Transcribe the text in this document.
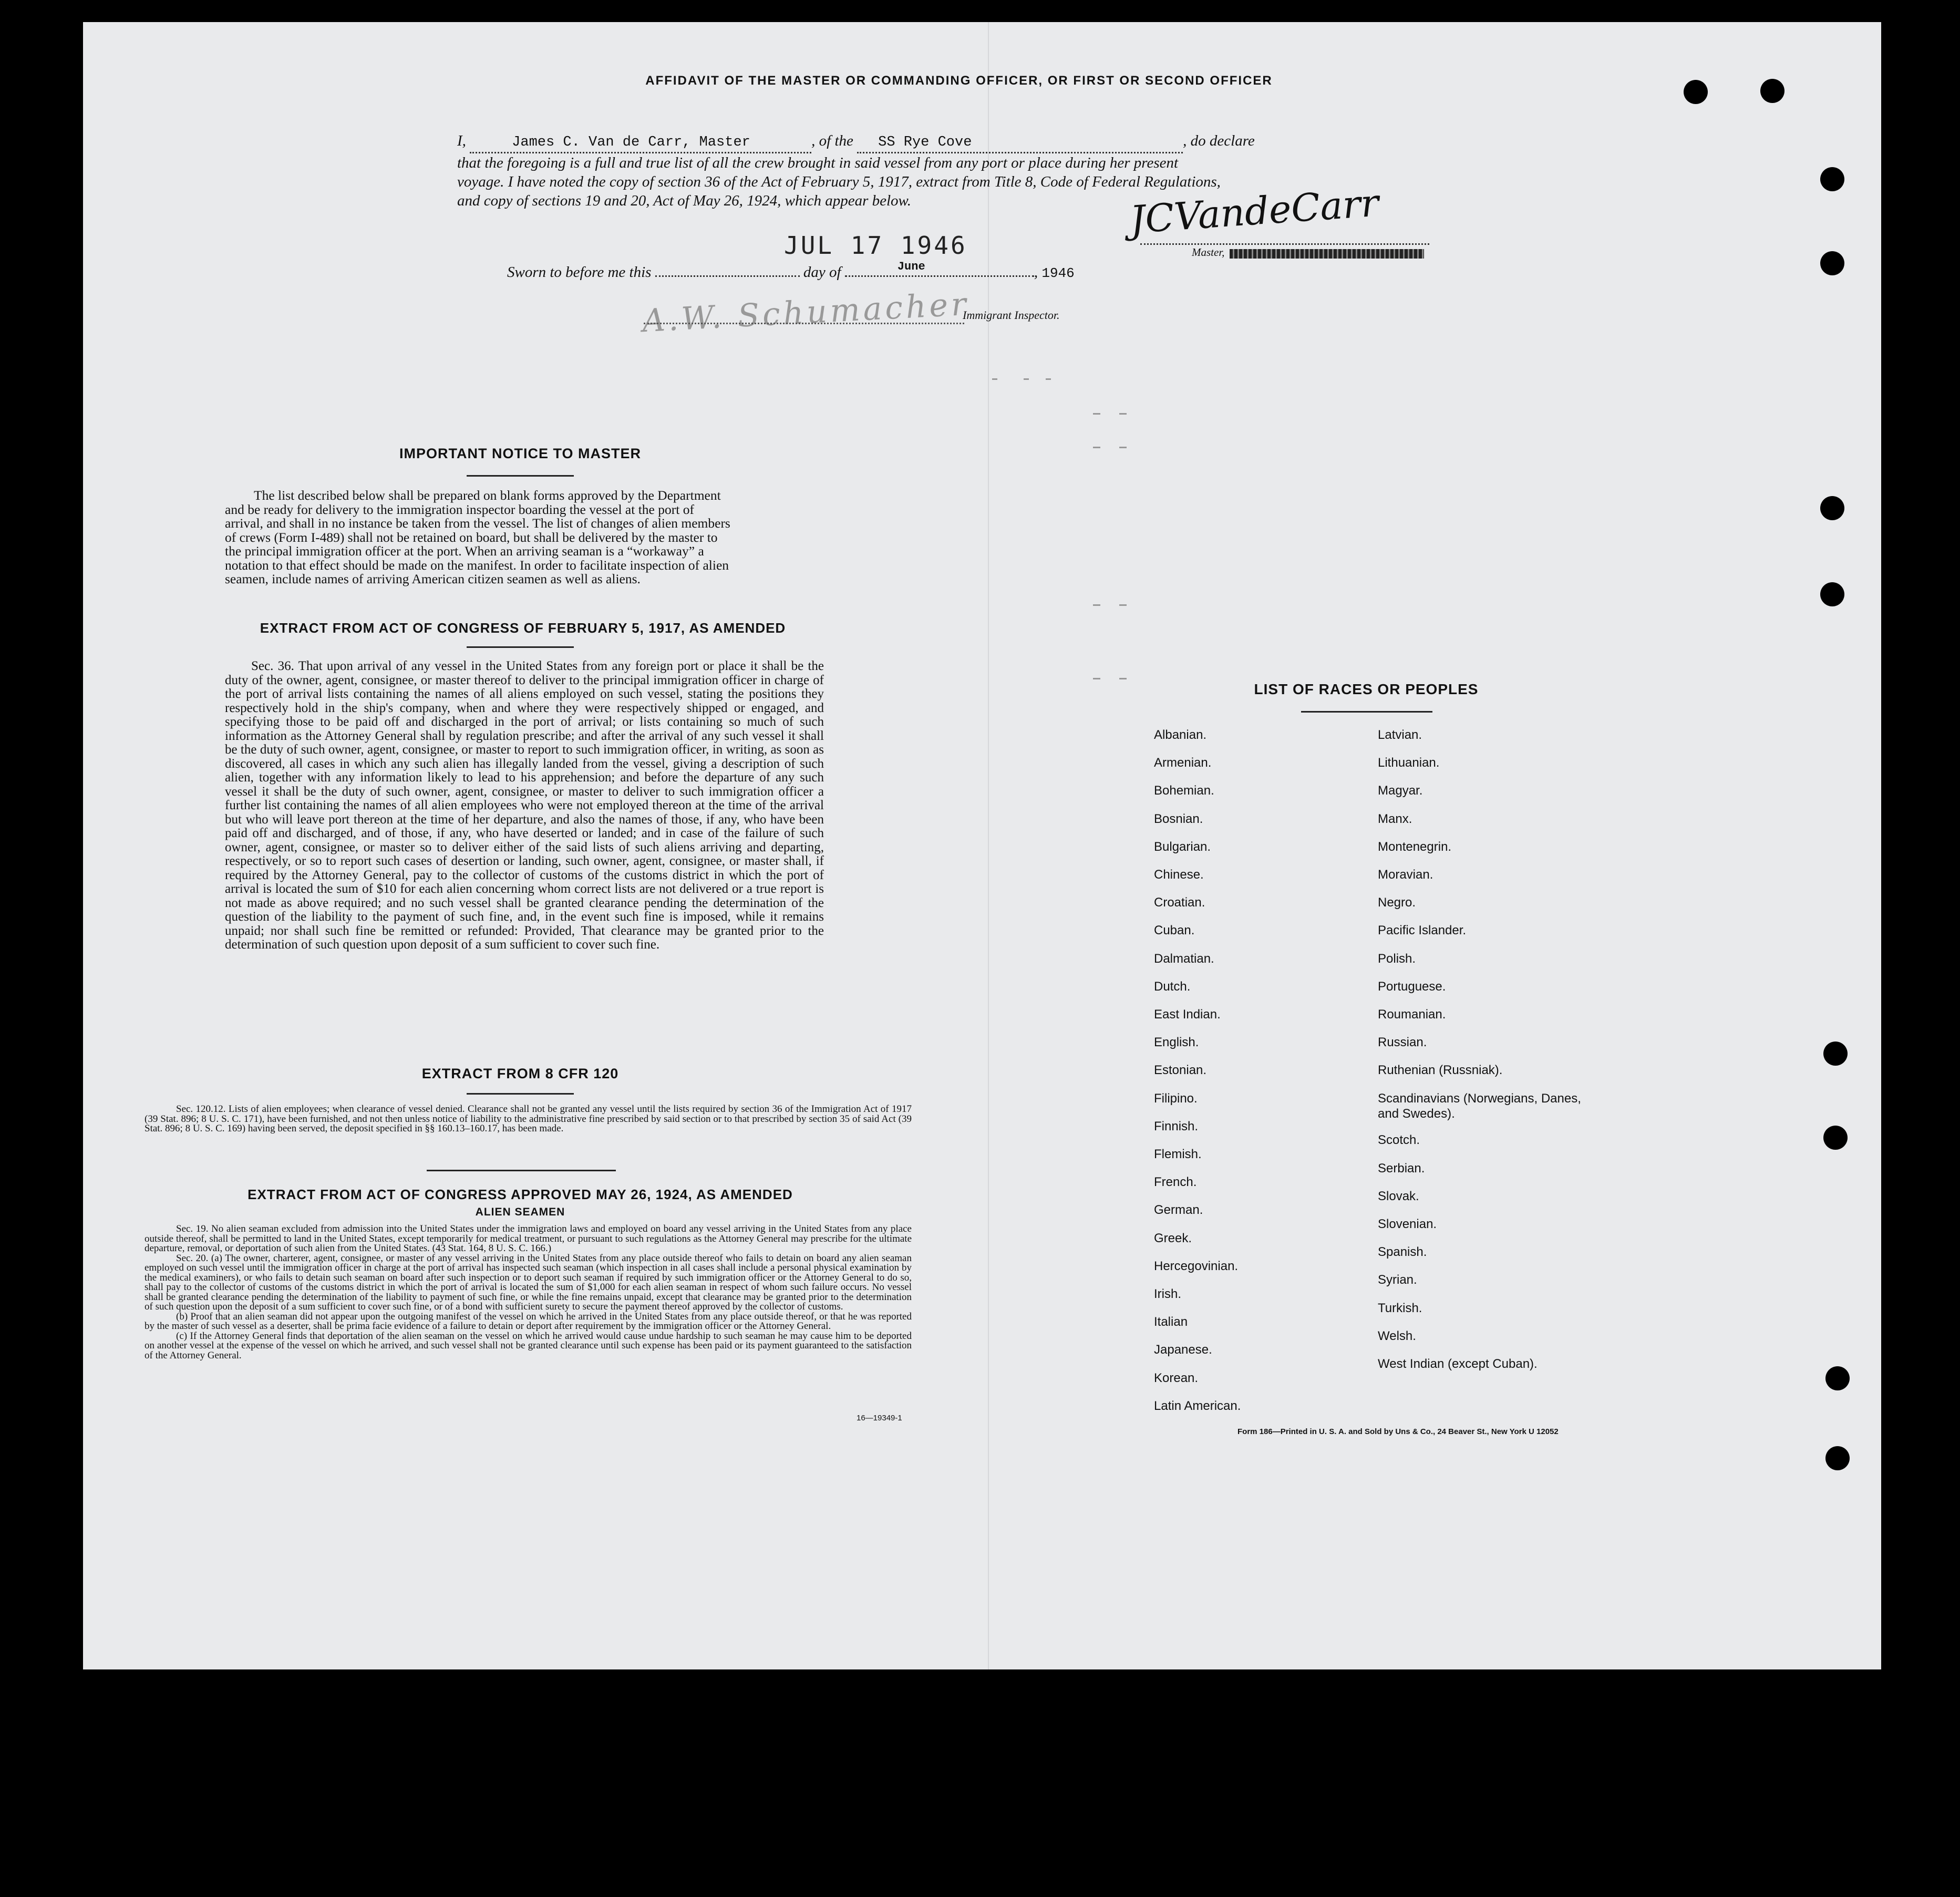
AFFIDAVIT OF THE MASTER OR COMMANDING OFFICER, OR FIRST OR SECOND OFFICER
I,	James C. Van de Carr, Master	, of the SS Rye Cove	, do declare
that the foregoing is a full and true list of all the crew brought in said vessel from any port or place during her present
voyage. I have noted the copy of section 36 of the Act of February 5, 1917, extract from Title 8, Code of Federal Regulations,
and copy of sections 19 and 20, Act of May 26, 1924, which appear below.	JCVandeCarr
Master,
Sworn to before me this	day of	June	, 1946
JUL 17 1946
A.W. Schumacher
Immigrant Inspector.
IMPORTANT NOTICE TO MASTER
The list described below shall be prepared on blank forms approved by the Department
and be ready for delivery to the immigration inspector boarding the vessel at the port of
arrival, and shall in no instance be taken from the vessel. The list of changes of alien members
of crews (Form I-489) shall not be retained on board, but shall be delivered by the master to
the principal immigration officer at the port. When an arriving seaman is a “workaway” a
notation to that effect should be made on the manifest. In order to facilitate inspection of alien
seamen, include names of arriving American citizen seamen as well as aliens.
EXTRACT FROM ACT OF CONGRESS OF FEBRUARY 5, 1917, AS AMENDED
Sec. 36. That upon arrival of any vessel in the United States from any foreign port or place it shall be the duty of the owner, agent, consignee, or master thereof to deliver to the principal immigration officer in charge of the port of arrival lists containing the names of all aliens employed on such vessel, stating the positions they respectively hold in the ship's company, when and where they were respectively shipped or engaged, and specifying those to be paid off and discharged in the port of arrival; or lists containing so much of such information as the Attorney General shall by regulation prescribe; and after the arrival of any such vessel it shall be the duty of such owner, agent, consignee, or master to report to such immigration officer, in writing, as soon as discovered, all cases in which any such alien has illegally landed from the vessel, giving a description of such alien, together with any information likely to lead to his apprehension; and before the departure of any such vessel it shall be the duty of such owner, agent, consignee, or master to deliver to such immigration officer a further list containing the names of all alien employees who were not employed thereon at the time of the arrival but who will leave port thereon at the time of her departure, and also the names of those, if any, who have been paid off and discharged, and of those, if any, who have deserted or landed; and in case of the failure of such owner, agent, consignee, or master so to deliver either of the said lists of such aliens arriving and departing, respectively, or so to report such cases of desertion or landing, such owner, agent, consignee, or master shall, if required by the Attorney General, pay to the collector of customs of the customs district in which the port of arrival is located the sum of $10 for each alien concerning whom correct lists are not delivered or a true report is not made as above required; and no such vessel shall be granted clearance pending the determination of the question of the liability to the payment of such fine, and, in the event such fine is imposed, while it remains unpaid; nor shall such fine be remitted or refunded: Provided, That clearance may be granted prior to the determination of such question upon deposit of a sum sufficient to cover such fine.
EXTRACT FROM 8 CFR 120
Sec. 120.12. Lists of alien employees; when clearance of vessel denied. Clearance shall not be granted any vessel until the lists required by section 36 of the Immigration Act of 1917 (39 Stat. 896; 8 U. S. C. 171), have been furnished, and not then unless notice of liability to the administrative fine prescribed by said section or to that prescribed by section 35 of said Act (39 Stat. 896; 8 U. S. C. 169) having been served, the deposit specified in §§ 160.13–160.17, has been made.
EXTRACT FROM ACT OF CONGRESS APPROVED MAY 26, 1924, AS AMENDED
ALIEN SEAMEN
Sec. 19. No alien seaman excluded from admission into the United States under the immigration laws and employed on board any vessel arriving in the United States from any place outside thereof, shall be permitted to land in the United States, except temporarily for medical treatment, or pursuant to such regulations as the Attorney General may prescribe for the ultimate departure, removal, or deportation of such alien from the United States. (43 Stat. 164, 8 U. S. C. 166.)
Sec. 20. (a) The owner, charterer, agent, consignee, or master of any vessel arriving in the United States from any place outside thereof who fails to detain on board any alien seaman employed on such vessel until the immigration officer in charge at the port of arrival has inspected such seaman (which inspection in all cases shall include a personal physical examination by the medical examiners), or who fails to detain such seaman on board after such inspection or to deport such seaman if required by such immigration officer or the Attorney General to do so, shall pay to the collector of customs of the customs district in which the port of arrival is located the sum of $1,000 for each alien seaman in respect of whom such failure occurs. No vessel shall be granted clearance pending the determination of the liability to payment of such fine, or while the fine remains unpaid, except that clearance may be granted prior to the determination of such question upon the deposit of a sum sufficient to cover such fine, or of a bond with sufficient surety to secure the payment thereof approved by the collector of customs.
(b) Proof that an alien seaman did not appear upon the outgoing manifest of the vessel on which he arrived in the United States from any place outside thereof, or that he was reported by the master of such vessel as a deserter, shall be prima facie evidence of a failure to detain or deport after requirement by the immigration officer or the Attorney General.
(c) If the Attorney General finds that deportation of the alien seaman on the vessel on which he arrived would cause undue hardship to such seaman he may cause him to be deported on another vessel at the expense of the vessel on which he arrived, and such vessel shall not be granted clearance until such expense has been paid or its payment guaranteed to the satisfaction of the Attorney General.
16—19349-1
LIST OF RACES OR PEOPLES
Albanian.
Armenian.
Bohemian.
Bosnian.
Bulgarian.
Chinese.
Croatian.
Cuban.
Dalmatian.
Dutch.
East Indian.
English.
Estonian.
Filipino.
Finnish.
Flemish.
French.
German.
Greek.
Hercegovinian.
Irish.
Italian
Japanese.
Korean.
Latin American.
Latvian.
Lithuanian.
Magyar.
Manx.
Montenegrin.
Moravian.
Negro.
Pacific Islander.
Polish.
Portuguese.
Roumanian.
Russian.
Ruthenian (Russniak).
Scandinavians (Norwegians, Danes, and Swedes).
Scotch.
Serbian.
Slovak.
Slovenian.
Spanish.
Syrian.
Turkish.
Welsh.
West Indian (except Cuban).
Form 186—Printed in U. S. A. and Sold by Uns & Co., 24 Beaver St., New York U 12052
